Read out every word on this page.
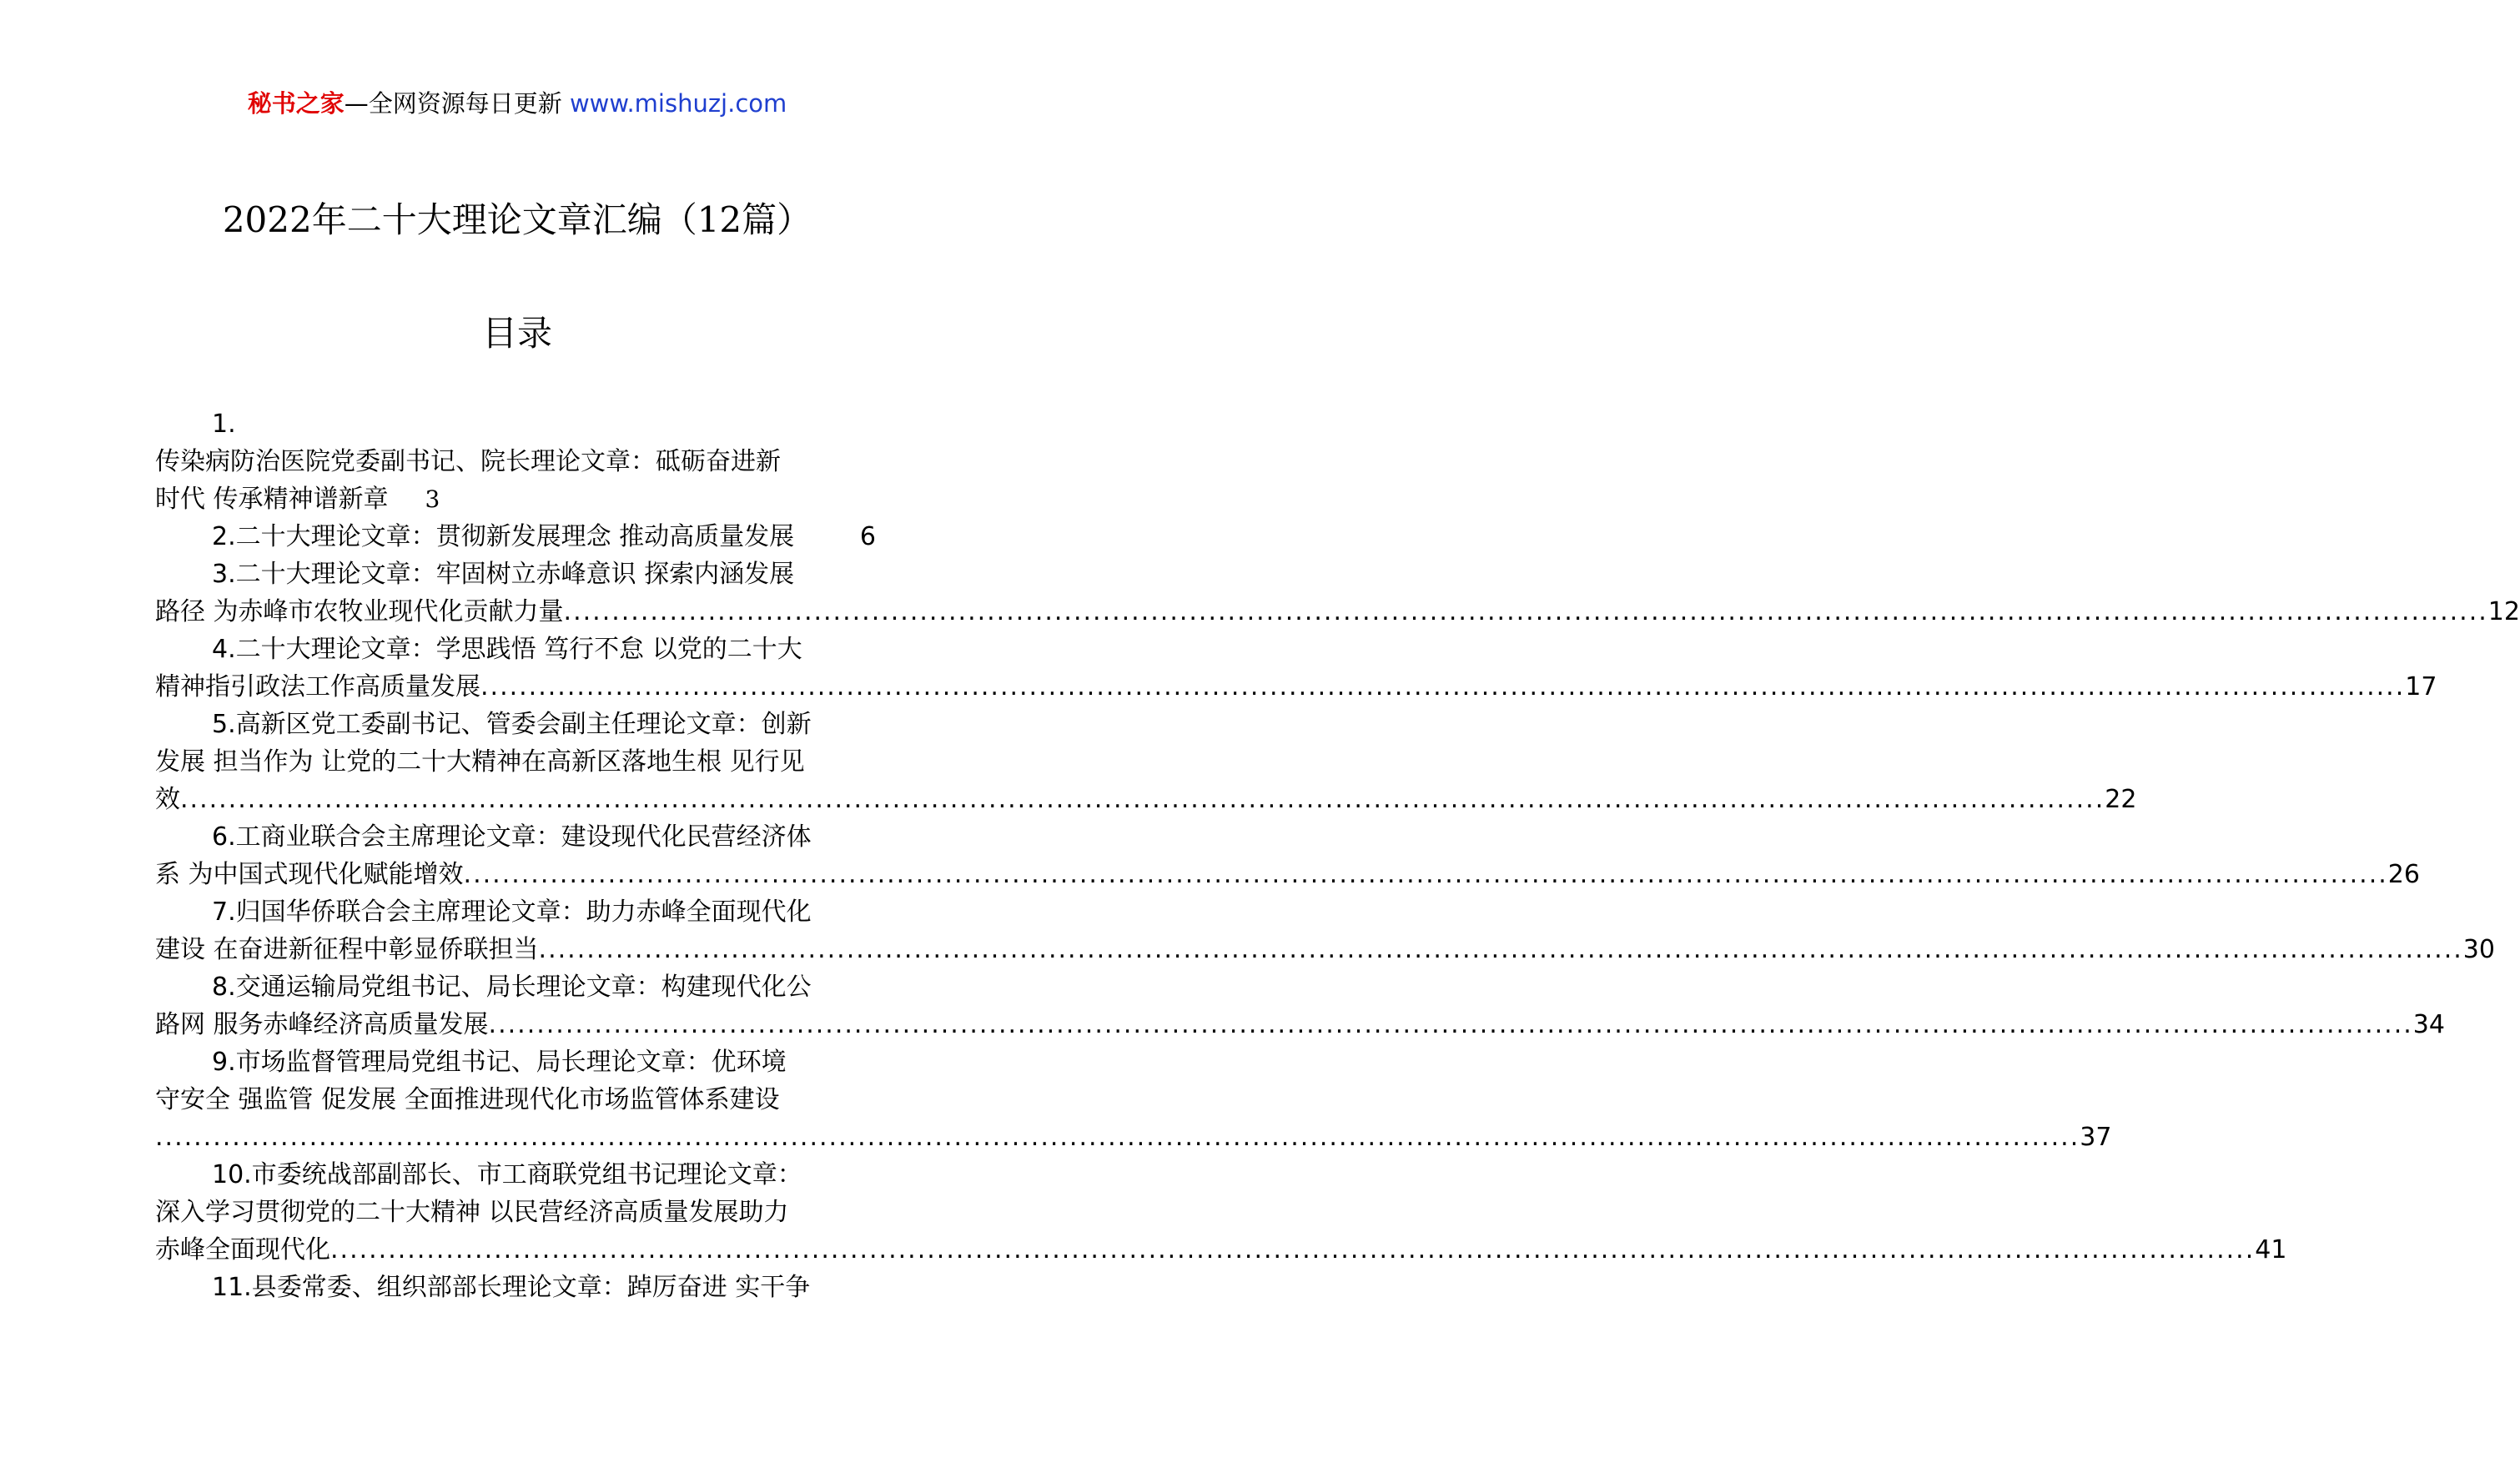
秘书之家—全网资源每日更新 www.mishuzj.com
2022年二十大理论文章汇编（12篇）
目录
1.
传染病防治医院党委副书记、院长理论文章：砥砺奋进新
时代 传承精神谱新章 3
2.二十大理论文章：贯彻新发展理念 推动高质量发展	6
3.二十大理论文章：牢固树立赤峰意识 探索内涵发展
路径 为赤峰市农牧业现代化贡献力量 ........................................................................................................................................................................................................ 12
4.二十大理论文章：学思践悟 笃行不怠 以党的二十大
精神指引政法工作高质量发展 ........................................................................................................................................................................................................ 17
5.高新区党工委副书记、管委会副主任理论文章：创新
发展 担当作为 让党的二十大精神在高新区落地生根 见行见
效 ........................................................................................................................................................................................................ 22
6.工商业联合会主席理论文章：建设现代化民营经济体
系 为中国式现代化赋能增效 ........................................................................................................................................................................................................ 26
7.归国华侨联合会主席理论文章：助力赤峰全面现代化
建设 在奋进新征程中彰显侨联担当 ........................................................................................................................................................................................................ 30
8.交通运输局党组书记、局长理论文章：构建现代化公
路网 服务赤峰经济高质量发展 ........................................................................................................................................................................................................ 34
9.市场监督管理局党组书记、局长理论文章：优环境
守安全 强监管 促发展 全面推进现代化市场监管体系建设
........................................................................................................................................................................................................ 37
10.市委统战部副部长、市工商联党组书记理论文章：
深入学习贯彻党的二十大精神 以民营经济高质量发展助力
赤峰全面现代化 ........................................................................................................................................................................................................ 41
11.县委常委、组织部部长理论文章：踔厉奋进 实干争
